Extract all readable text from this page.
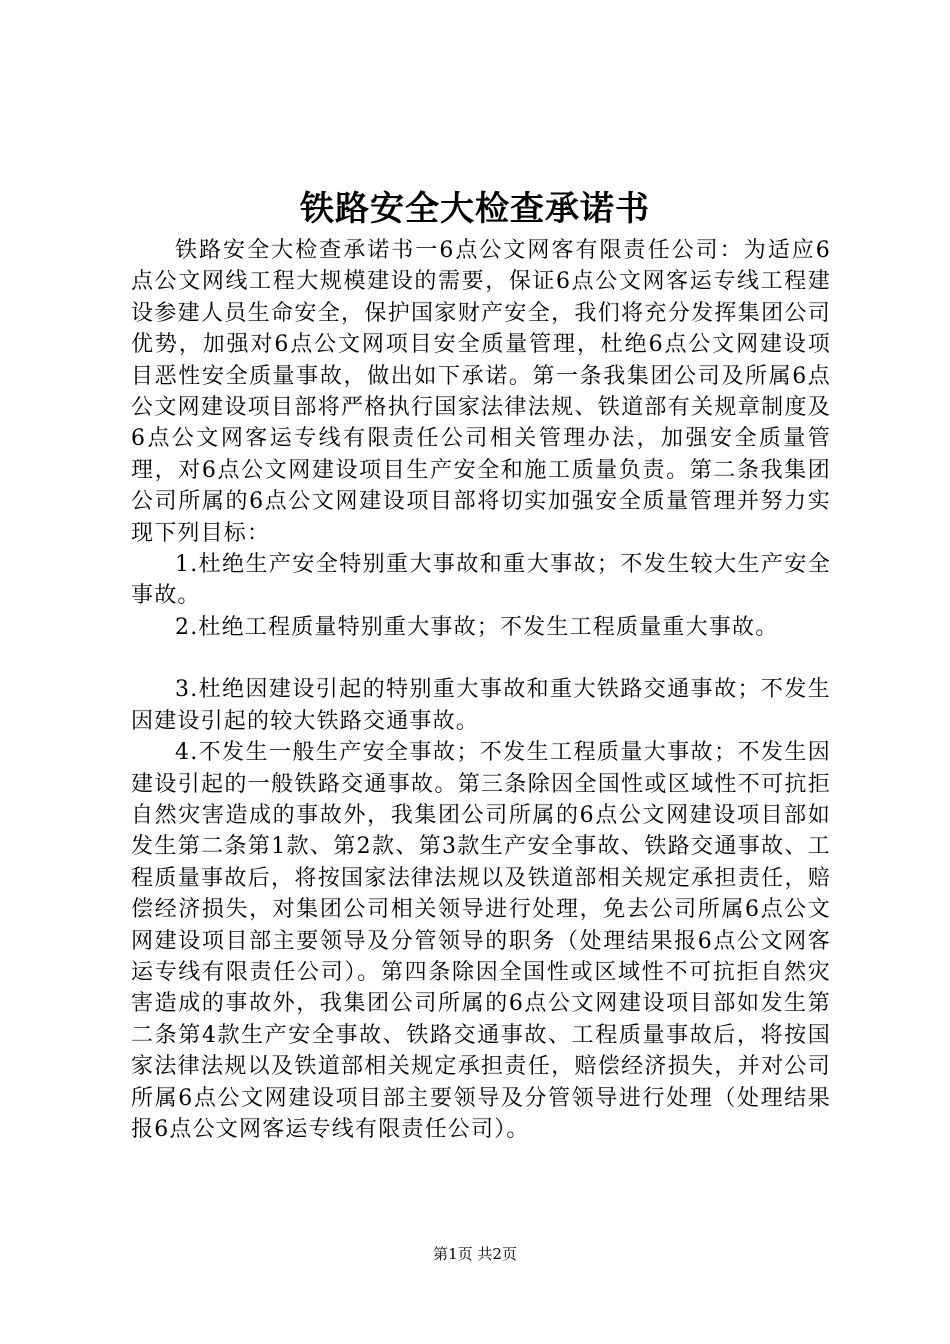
铁路安全大检查承诺书

铁路安全大检查承诺书一6点公文网客有限责任公司：为适应6点公文网线工程大规模建设的需要，保证6点公文网客运专线工程建设参建人员生命安全，保护国家财产安全，我们将充分发挥集团公司优势，加强对6点公文网项目安全质量管理，杜绝6点公文网建设项目恶性安全质量事故，做出如下承诺。第一条我集团公司及所属6点公文网建设项目部将严格执行国家法律法规、铁道部有关规章制度及6点公文网客运专线有限责任公司相关管理办法，加强安全质量管理，对6点公文网建设项目生产安全和施工质量负责。第二条我集团公司所属的6点公文网建设项目部将切实加强安全质量管理并努力实现下列目标：

1.杜绝生产安全特别重大事故和重大事故；不发生较大生产安全事故。

2.杜绝工程质量特别重大事故；不发生工程质量重大事故。

3.杜绝因建设引起的特别重大事故和重大铁路交通事故；不发生因建设引起的较大铁路交通事故。

4.不发生一般生产安全事故；不发生工程质量大事故；不发生因建设引起的一般铁路交通事故。第三条除因全国性或区域性不可抗拒自然灾害造成的事故外，我集团公司所属的6点公文网建设项目部如发生第二条第1款、第2款、第3款生产安全事故、铁路交通事故、工程质量事故后，将按国家法律法规以及铁道部相关规定承担责任，赔偿经济损失，对集团公司相关领导进行处理，免去公司所属6点公文网建设项目部主要领导及分管领导的职务（处理结果报6点公文网客运专线有限责任公司）。第四条除因全国性或区域性不可抗拒自然灾害造成的事故外，我集团公司所属的6点公文网建设项目部如发生第二条第4款生产安全事故、铁路交通事故、工程质量事故后，将按国家法律法规以及铁道部相关规定承担责任，赔偿经济损失，并对公司所属6点公文网建设项目部主要领导及分管领导进行处理（处理结果报6点公文网客运专线有限责任公司）。

第1页 共2页
